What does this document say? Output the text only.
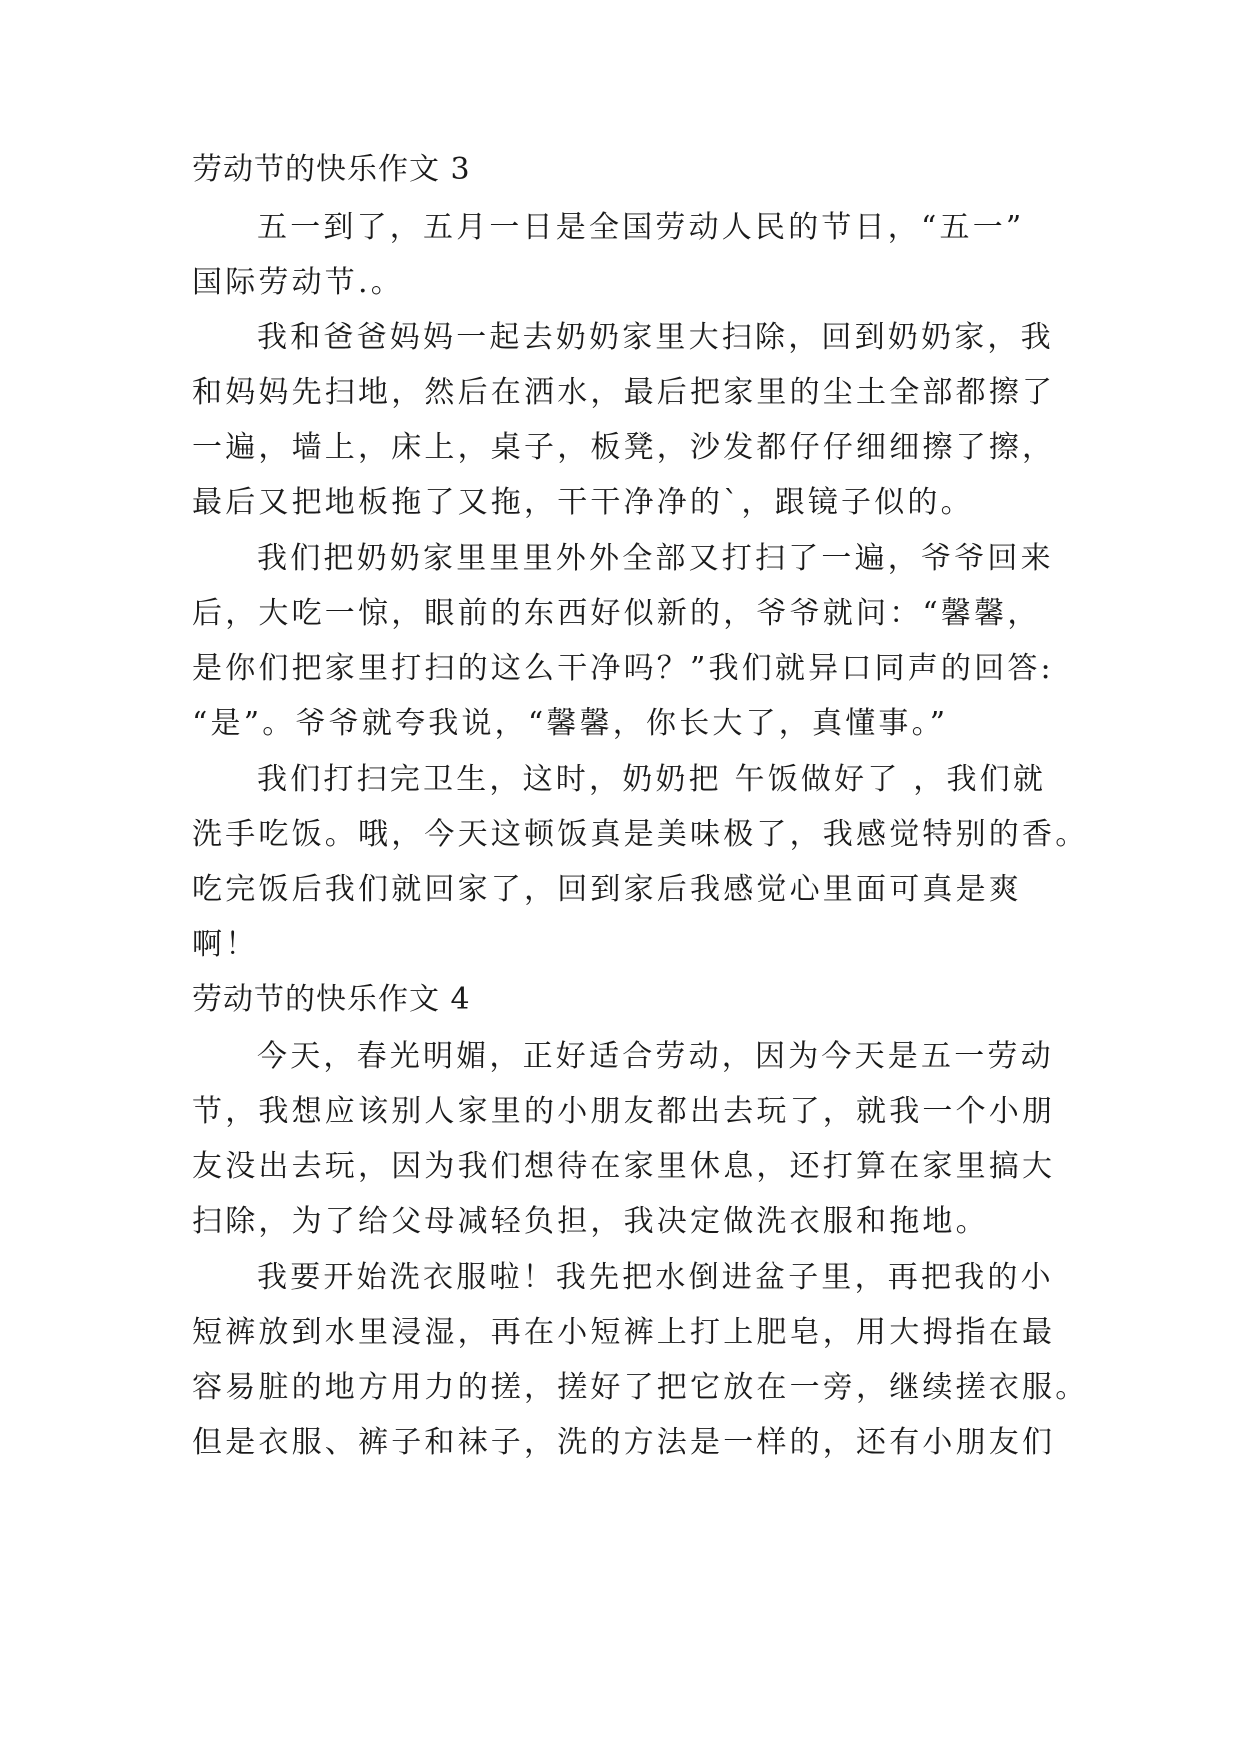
劳动节的快乐作文 3

五一到了，五月一日是全国劳动人民的节日，“五一”

国际劳动节.。

我和爸爸妈妈一起去奶奶家里大扫除，回到奶奶家，我

和妈妈先扫地，然后在洒水，最后把家里的尘土全部都擦了

一遍，墙上，床上，桌子，板凳，沙发都仔仔细细擦了擦，

最后又把地板拖了又拖，干干净净的`，跟镜子似的。

我们把奶奶家里里里外外全部又打扫了一遍，爷爷回来

后，大吃一惊，眼前的东西好似新的，爷爷就问：“馨馨，

是你们把家里打扫的这么干净吗？”我们就异口同声的回答:

“是”。爷爷就夸我说，“馨馨，你长大了，真懂事。”

我们打扫完卫生，这时，奶奶把 午饭做好了 ，我们就

洗手吃饭。哦，今天这顿饭真是美味极了，我感觉特别的香。

吃完饭后我们就回家了，回到家后我感觉心里面可真是爽

啊！

劳动节的快乐作文 4

今天，春光明媚，正好适合劳动，因为今天是五一劳动

节，我想应该别人家里的小朋友都出去玩了，就我一个小朋

友没出去玩，因为我们想待在家里休息，还打算在家里搞大

扫除，为了给父母减轻负担，我决定做洗衣服和拖地。

我要开始洗衣服啦！我先把水倒进盆子里，再把我的小

短裤放到水里浸湿，再在小短裤上打上肥皂，用大拇指在最

容易脏的地方用力的搓，搓好了把它放在一旁，继续搓衣服。

但是衣服、裤子和袜子，洗的方法是一样的，还有小朋友们
